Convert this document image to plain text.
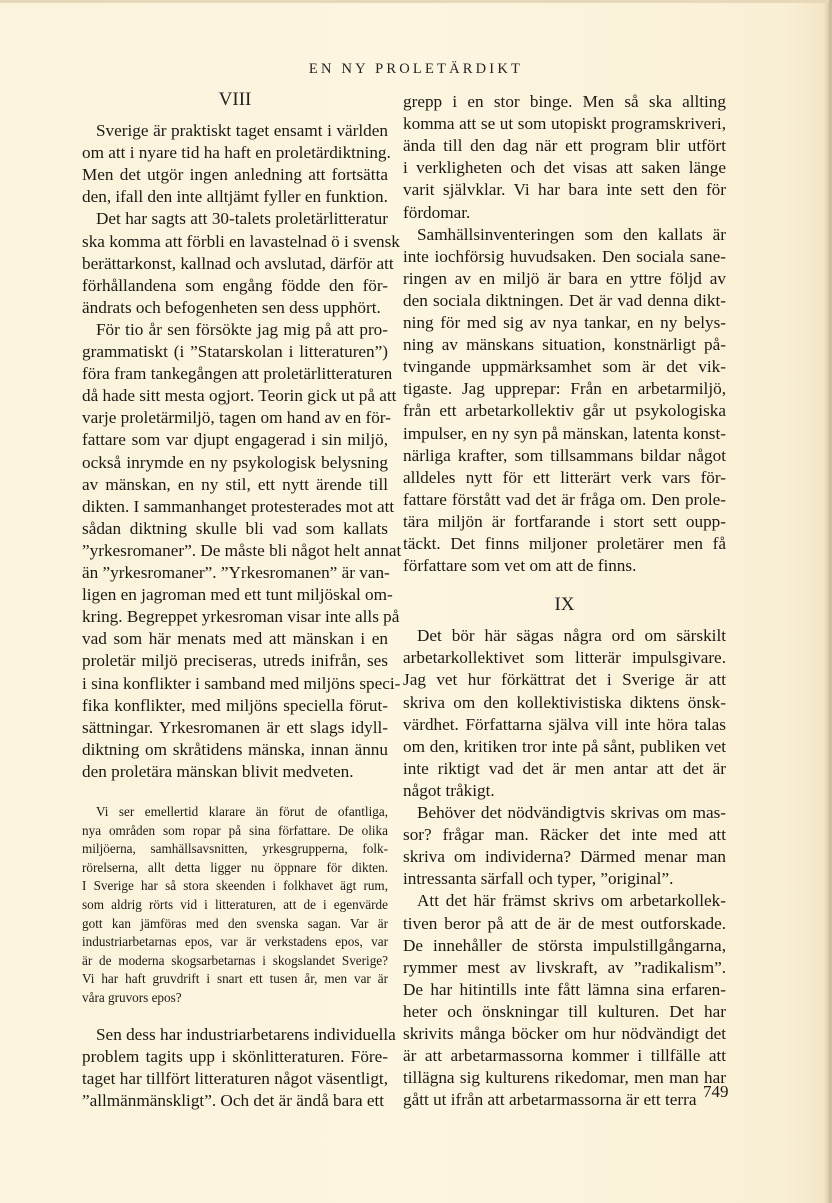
EN NY PROLETÄRDIKT
VIII
Sverige är praktiskt taget ensamt i världen
om att i nyare tid ha haft en proletärdiktning.
Men det utgör ingen anledning att fortsätta
den, ifall den inte alltjämt fyller en funktion.
Det har sagts att 30-talets proletärlitteratur
ska komma att förbli en lavastelnad ö i svensk
berättarkonst, kallnad och avslutad, därför att
förhållandena som engång födde den för-
ändrats och befogenheten sen dess upphört.
För tio år sen försökte jag mig på att pro-
grammatiskt (i ”Statarskolan i litteraturen”)
föra fram tankegången att proletärlitteraturen
då hade sitt mesta ogjort. Teorin gick ut på att
varje proletärmiljö, tagen om hand av en för-
fattare som var djupt engagerad i sin miljö,
också inrymde en ny psykologisk belysning
av mänskan, en ny stil, ett nytt ärende till
dikten. I sammanhanget protesterades mot att
sådan diktning skulle bli vad som kallats
”yrkesromaner”. De måste bli något helt annat
än ”yrkesromaner”. ”Yrkesromanen” är van-
ligen en jagroman med ett tunt miljöskal om-
kring. Begreppet yrkesroman visar inte alls på
vad som här menats med att mänskan i en
proletär miljö preciseras, utreds inifrån, ses
i sina konflikter i samband med miljöns speci-
fika konflikter, med miljöns speciella förut-
sättningar. Yrkesromanen är ett slags idyll-
diktning om skråtidens mänska, innan ännu
den proletära mänskan blivit medveten.
Vi ser emellertid klarare än förut de ofantliga,
nya områden som ropar på sina författare. De olika
miljöerna, samhällsavsnitten, yrkesgrupperna, folk-
rörelserna, allt detta ligger nu öppnare för dikten.
I Sverige har så stora skeenden i folkhavet ägt rum,
som aldrig rörts vid i litteraturen, att de i egenvärde
gott kan jämföras med den svenska sagan. Var är
industriarbetarnas epos, var är verkstadens epos, var
är de moderna skogsarbetarnas i skogslandet Sverige?
Vi har haft gruvdrift i snart ett tusen år, men var är
våra gruvors epos?
Sen dess har industriarbetarens individuella
problem tagits upp i skönlitteraturen. Före-
taget har tillfört litteraturen något väsentligt,
”allmänmänskligt”. Och det är ändå bara ett
IX
grepp i en stor binge. Men så ska allting
komma att se ut som utopiskt programskriveri,
ända till den dag när ett program blir utfört
i verkligheten och det visas att saken länge
varit självklar. Vi har bara inte sett den för
fördomar.
Samhällsinventeringen som den kallats är
inte iochförsig huvudsaken. Den sociala sane-
ringen av en miljö är bara en yttre följd av
den sociala diktningen. Det är vad denna dikt-
ning för med sig av nya tankar, en ny belys-
ning av mänskans situation, konstnärligt på-
tvingande uppmärksamhet som är det vik-
tigaste. Jag upprepar: Från en arbetarmiljö,
från ett arbetarkollektiv går ut psykologiska
impulser, en ny syn på mänskan, latenta konst-
närliga krafter, som tillsammans bildar något
alldeles nytt för ett litterärt verk vars för-
fattare förstått vad det är fråga om. Den prole-
tära miljön är fortfarande i stort sett oupp-
täckt. Det finns miljoner proletärer men få
författare som vet om att de finns.
Det bör här sägas några ord om särskilt
arbetarkollektivet som litterär impulsgivare.
Jag vet hur förkättrat det i Sverige är att
skriva om den kollektivistiska diktens önsk-
värdhet. Författarna själva vill inte höra talas
om den, kritiken tror inte på sånt, publiken vet
inte riktigt vad det är men antar att det är
något tråkigt.
Behöver det nödvändigtvis skrivas om mas-
sor? frågar man. Räcker det inte med att
skriva om individerna? Därmed menar man
intressanta särfall och typer, ”original”.
Att det här främst skrivs om arbetarkollek-
tiven beror på att de är de mest outforskade.
De innehåller de största impulstillgångarna,
rymmer mest av livskraft, av ”radikalism”.
De har hitintills inte fått lämna sina erfaren-
heter och önskningar till kulturen. Det har
skrivits många böcker om hur nödvändigt det
är att arbetarmassorna kommer i tillfälle att
tillägna sig kulturens rikedomar, men man har
gått ut ifrån att arbetarmassorna är ett terra 749
